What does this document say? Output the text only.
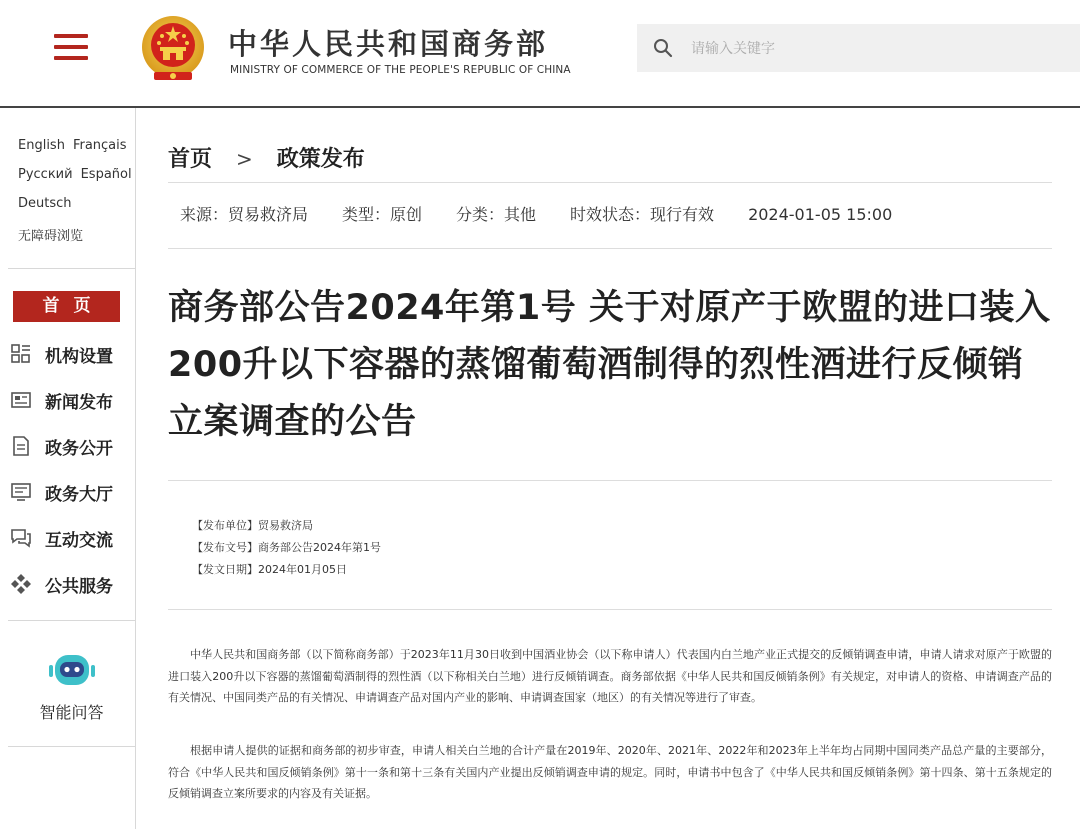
中华人民共和国商务部
MINISTRY OF COMMERCE OF THE PEOPLE'S REPUBLIC OF CHINA
请输入关键字
English Français
Русский Español
Deutsch
无障碍浏览
首页
机构设置
新闻发布
政务公开
政务大厅
互动交流
公共服务
智能问答
首页 > 政策发布
来源：贸易救济局 类型：原创 分类：其他 时效状态：现行有效 2024-01-05 15:00
商务部公告2024年第1号 关于对原产于欧盟的进口装入200升以下容器的蒸馏葡萄酒制得的烈性酒进行反倾销立案调查的公告
【发布单位】贸易救济局
【发布文号】商务部公告2024年第1号
【发文日期】2024年01月05日
中华人民共和国商务部（以下简称商务部）于2023年11月30日收到中国酒业协会（以下称申请人）代表国内白兰地产业正式提交的反倾销调查申请，申请人请求对原产于欧盟的进口装入200升以下容器的蒸馏葡萄酒制得的烈性酒（以下称相关白兰地）进行反倾销调查。商务部依据《中华人民共和国反倾销条例》有关规定，对申请人的资格、申请调查产品的有关情况、中国同类产品的有关情况、申请调查产品对国内产业的影响、申请调查国家（地区）的有关情况等进行了审查。
根据申请人提供的证据和商务部的初步审查，申请人相关白兰地的合计产量在2019年、2020年、2021年、2022年和2023年上半年均占同期中国同类产品总产量的主要部分，符合《中华人民共和国反倾销条例》第十一条和第十三条有关国内产业提出反倾销调查申请的规定。同时，申请书中包含了《中华人民共和国反倾销条例》第十四条、第十五条规定的反倾销调查立案所要求的内容及有关证据。
